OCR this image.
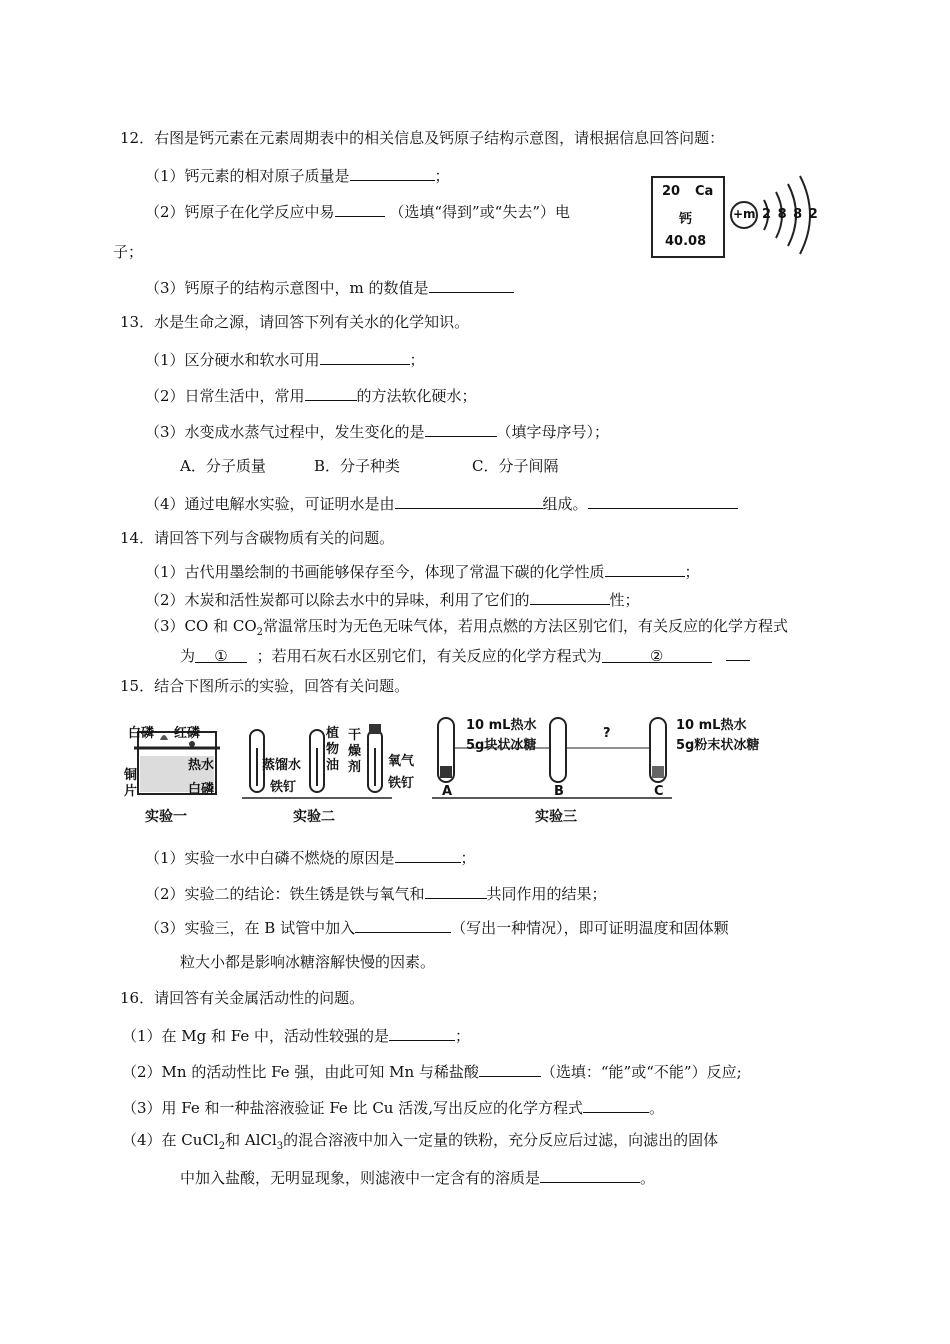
12．右图是钙元素在元素周期表中的相关信息及钙原子结构示意图，请根据信息回答问题：
（1）钙元素的相对原子质量是	；
（2）钙原子在化学反应中易	（选填“得到”或“失去”）电
子；
（3）钙原子的结构示意图中，m 的数值是
20 Ca
钙
40.08
+m 2 8 8 2
13．水是生命之源，请回答下列有关水的化学知识。
（1）区分硬水和软水可用	；
（2）日常生活中，常用	的方法软化硬水；
（3）水变成水蒸气过程中，发生变化的是	（填字母序号）；
A．分子质量	B．分子种类	C．分子间隔
（4）通过电解水实验，可证明水是由	组成。
14．请回答下列与含碳物质有关的问题。
（1）古代用墨绘制的书画能够保存至今，体现了常温下碳的化学性质	；
（2）木炭和活性炭都可以除去水中的异味，利用了它们的	性；
（3）CO 和 $CO_2$常温常压时为无色无味气体，若用点燃的方法区别它们，有关反应的化学方程式
为 ① ；若用石灰石水区别它们，有关反应的化学方程式为	②
15．结合下图所示的实验，回答有关问题。
白磷 红磷
铜
片
热水
白磷
实验一
蒸馏水
铁钉
植
物
油
干
燥
剂 氧气
铁钉
实验二
10 mL热水
5g块状冰糖
?
10 mL热水
5g粉末状冰糖
A	B	C
实验三
（1）实验一水中白磷不燃烧的原因是	；
（2）实验二的结论：铁生锈是铁与氧气和	共同作用的结果；
（3）实验三，在 B 试管中加入	（写出一种情况），即可证明温度和固体颗
粒大小都是影响冰糖溶解快慢的因素。
16．请回答有关金属活动性的问题。
（1）在 Mg 和 Fe 中，活动性较强的是	；
（2）Mn 的活动性比 Fe 强，由此可知 Mn 与稀盐酸	（选填：“能”或“不能”）反应;
（3）用 Fe 和一种盐溶液验证 Fe 比 Cu 活泼,写出反应的化学方程式	。
（4）在 CuCl$_2$和 AlCl$_3$的混合溶液中加入一定量的铁粉，充分反应后过滤，向滤出的固体
中加入盐酸，无明显现象，则滤液中一定含有的溶质是	。
